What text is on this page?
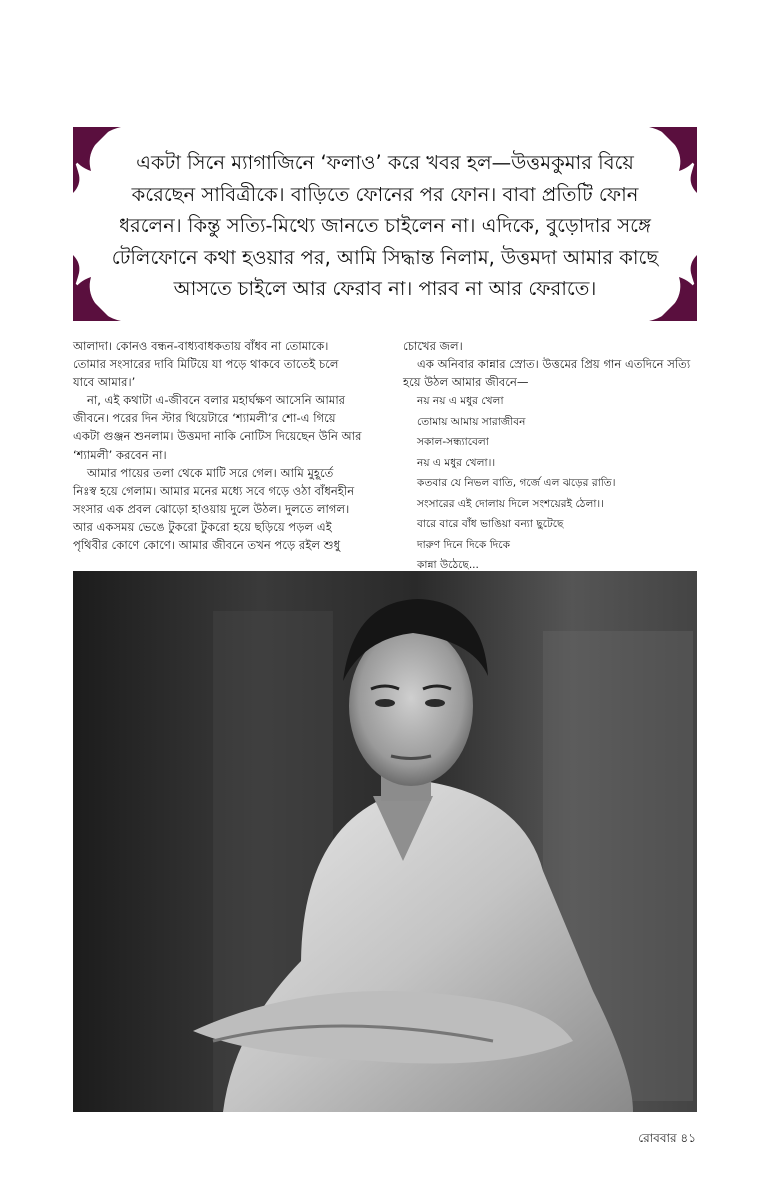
একটা সিনে ম্যাগাজিনে ‘ফলাও’ করে খবর হল—উত্তমকুমার বিয়ে
করেছেন সাবিত্রীকে। বাড়িতে ফোনের পর ফোন। বাবা প্রতিটি ফোন
ধরলেন। কিন্তু সত্যি-মিথ্যে জানতে চাইলেন না। এদিকে, বুড়োদার সঙ্গে
টেলিফোনে কথা হওয়ার পর, আমি সিদ্ধান্ত নিলাম, উত্তমদা আমার কাছে
আসতে চাইলে আর ফেরাব না। পারব না আর ফেরাতে।
আলাদা। কোনও বন্ধন-বাধ্যবাধকতায় বাঁধব না তোমাকে।
তোমার সংসারের দাবি মিটিয়ে যা পড়ে থাকবে তাতেই চলে
যাবে আমার।’
না, এই কথাটা এ-জীবনে বলার মহার্ঘক্ষণ আসেনি আমার
জীবনে। পরের দিন স্টার থিয়েটারে ‘শ্যামলী’র শো-এ গিয়ে
একটা গুঞ্জন শুনলাম। উত্তমদা নাকি নোটিস দিয়েছেন উনি আর
‘শ্যামলী’ করবেন না।
আমার পায়ের তলা থেকে মাটি সরে গেল। আমি মুহূর্তে
নিঃস্ব হয়ে গেলাম। আমার মনের মধ্যে সবে গড়ে ওঠা বাঁধনহীন
সংসার এক প্রবল ঝোড়ো হাওয়ায় দুলে উঠল। দুলতে লাগল।
আর একসময় ভেঙে টুকরো টুকরো হয়ে ছড়িয়ে পড়ল এই
পৃথিবীর কোণে কোণে। আমার জীবনে তখন পড়ে রইল শুধু
চোখের জল।
এক অনিবার কান্নার স্রোত। উত্তমের প্রিয় গান এতদিনে সত্যি
হয়ে উঠল আমার জীবনে—
নয় নয় এ মধুর খেলা
তোমায় আমায় সারাজীবন
সকাল-সন্ধ্যাবেলা
নয় এ মধুর খেলা।।
কতবার যে নিভল বাতি, গর্জে এল ঝড়ের রাতি।
সংসারের এই দোলায় দিলে সংশয়েরই ঠেলা।।
বারে বারে বাঁধ ভাঙিয়া বন্যা ছুটেছে
দারুণ দিনে দিকে দিকে
কান্না উঠেছে...
রোববার ৪১
